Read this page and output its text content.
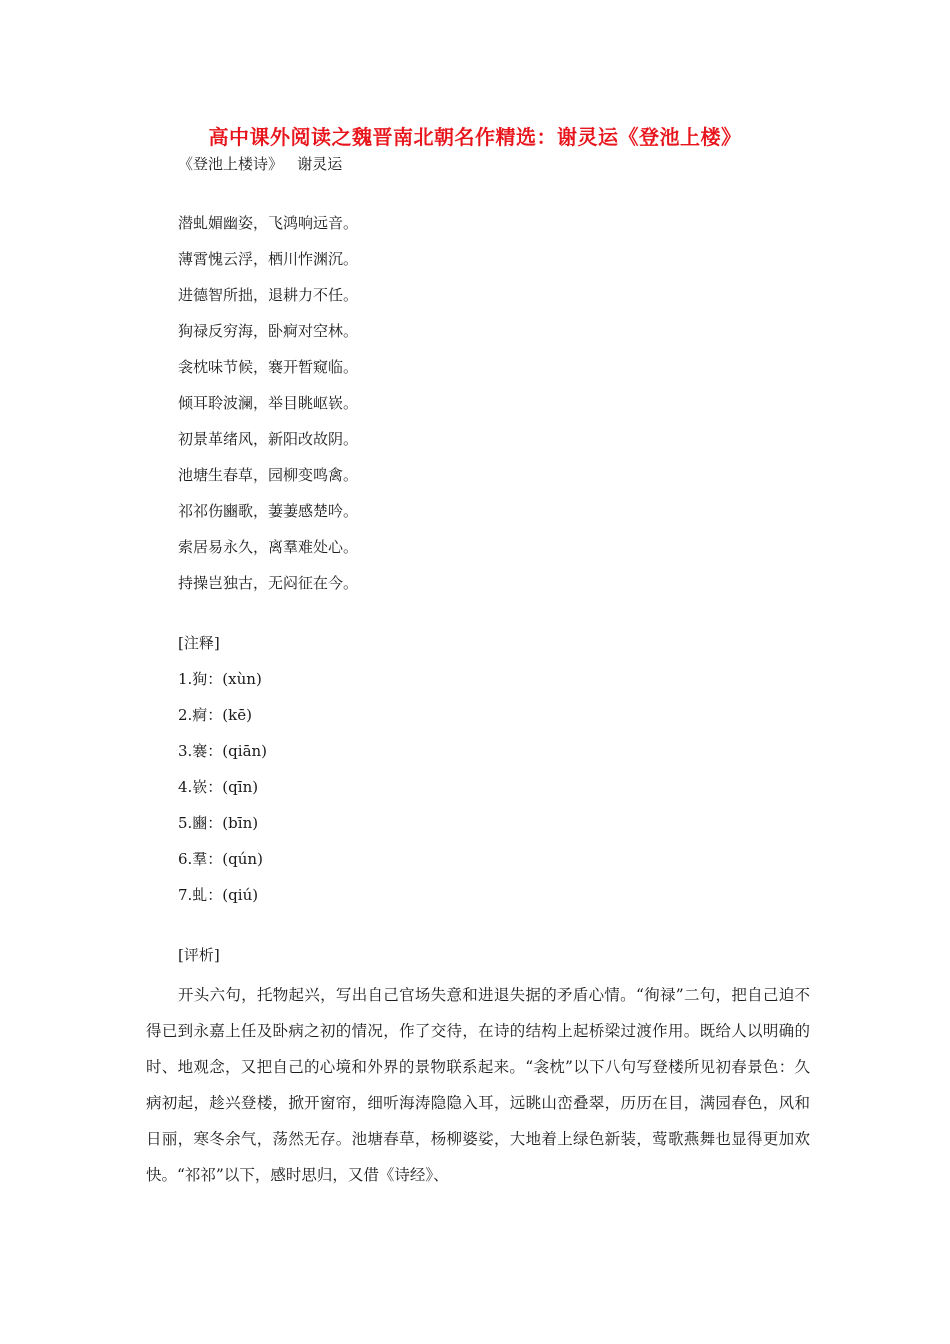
高中课外阅读之魏晋南北朝名作精选：谢灵运《登池上楼》
《登池上楼诗》   谢灵运
潜虬媚幽姿，飞鸿响远音。
薄霄愧云浮，栖川怍渊沉。
进德智所拙，退耕力不任。
狥禄反穷海，卧痾对空林。
衾枕味节候，褰开暂窥临。
倾耳聆波澜，举目眺岖嵚。
初景革绪风，新阳改故阴。
池塘生春草，园柳变鸣禽。
祁祁伤豳歌，萋萋感楚吟。
索居易永久，离羣难处心。
持操岂独古，无闷征在今。
[注释]
1.狥：(xùn)
2.痾：(kē)
3.褰：(qiān)
4.嵚：(qīn)
5.豳：(bīn)
6.羣：(qún)
7.虬：(qiú)
[评析]

开头六句，托物起兴，写出自己官场失意和进退失据的矛盾心情。“徇禄”二句，把自己迫不得已到永嘉上任及卧病之初的情况，作了交待，在诗的结构上起桥梁过渡作用。既给人以明确的时、地观念，又把自己的心境和外界的景物联系起来。“衾枕”以下八句写登楼所见初春景色：久病初起，趁兴登楼，掀开窗帘，细听海涛隐隐入耳，远眺山峦叠翠，历历在目，满园春色，风和日丽，寒冬余气，荡然无存。池塘春草，杨柳婆娑，大地着上绿色新装，莺歌燕舞也显得更加欢快。“祁祁”以下，感时思归，又借《诗经》、
